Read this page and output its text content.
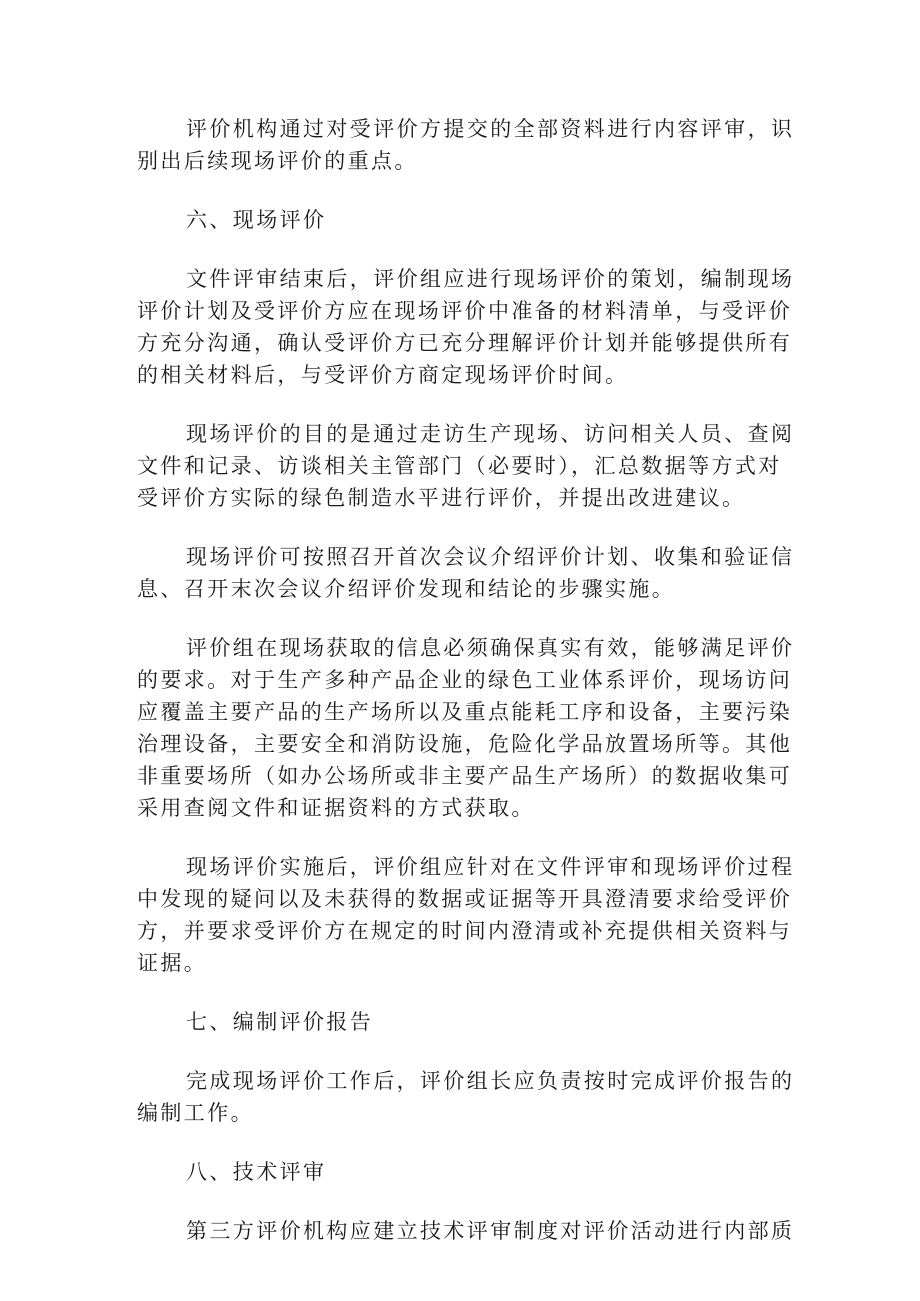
评价机构通过对受评价方提交的全部资料进行内容评审，识
别出后续现场评价的重点。
六、现场评价
文件评审结束后，评价组应进行现场评价的策划，编制现场
评价计划及受评价方应在现场评价中准备的材料清单，与受评价
方充分沟通，确认受评价方已充分理解评价计划并能够提供所有
的相关材料后，与受评价方商定现场评价时间。
现场评价的目的是通过走访生产现场、访问相关人员、查阅
文件和记录、访谈相关主管部门（必要时），汇总数据等方式对
受评价方实际的绿色制造水平进行评价，并提出改进建议。
现场评价可按照召开首次会议介绍评价计划、收集和验证信
息、召开末次会议介绍评价发现和结论的步骤实施。
评价组在现场获取的信息必须确保真实有效，能够满足评价
的要求。对于生产多种产品企业的绿色工业体系评价，现场访问
应覆盖主要产品的生产场所以及重点能耗工序和设备，主要污染
治理设备，主要安全和消防设施，危险化学品放置场所等。其他
非重要场所（如办公场所或非主要产品生产场所）的数据收集可
采用查阅文件和证据资料的方式获取。
现场评价实施后，评价组应针对在文件评审和现场评价过程
中发现的疑问以及未获得的数据或证据等开具澄清要求给受评价
方，并要求受评价方在规定的时间内澄清或补充提供相关资料与
证据。
七、编制评价报告
完成现场评价工作后，评价组长应负责按时完成评价报告的
编制工作。
八、技术评审
第三方评价机构应建立技术评审制度对评价活动进行内部质
